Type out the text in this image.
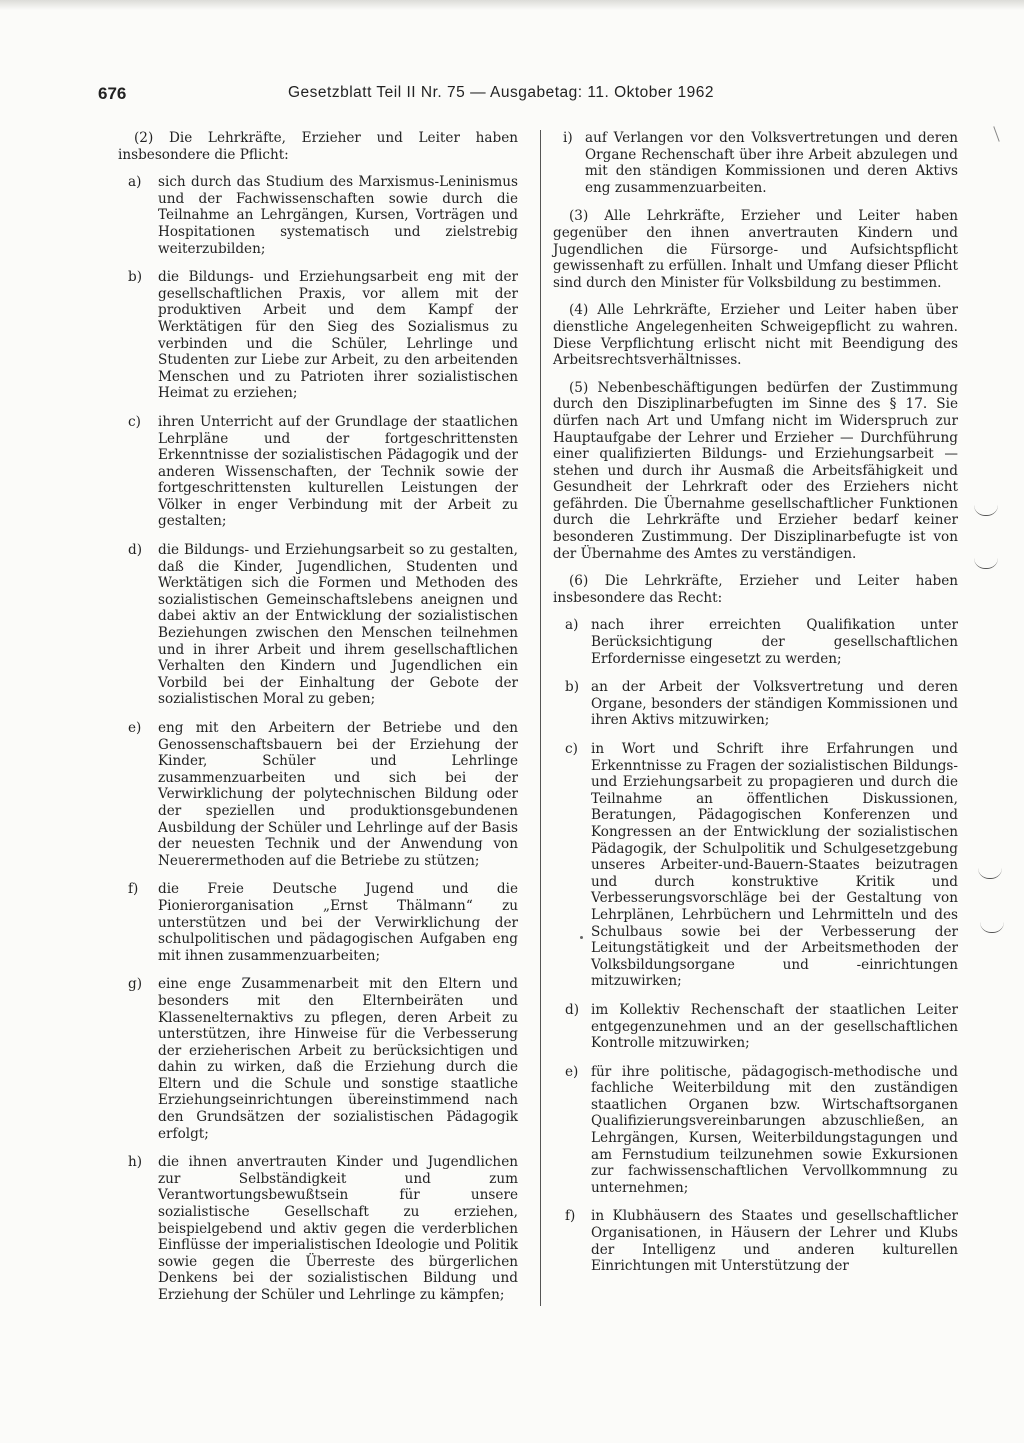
676	Gesetzblatt Teil II Nr. 75 — Ausgabetag: 11. Oktober 1962

(2) Die Lehrkräfte, Erzieher und Leiter haben insbesondere die Pflicht:

a) sich durch das Studium des Marxismus-Leninismus und der Fachwissenschaften sowie durch die Teilnahme an Lehrgängen, Kursen, Vorträgen und Hospitationen systematisch und zielstrebig weiterzubilden;
b) die Bildungs- und Erziehungsarbeit eng mit der gesellschaftlichen Praxis, vor allem mit der produktiven Arbeit und dem Kampf der Werktätigen für den Sieg des Sozialismus zu verbinden und die Schüler, Lehrlinge und Studenten zur Liebe zur Arbeit, zu den arbeitenden Menschen und zu Patrioten ihrer sozialistischen Heimat zu erziehen;
c) ihren Unterricht auf der Grundlage der staatlichen Lehrpläne und der fortgeschrittensten Erkenntnisse der sozialistischen Pädagogik und der anderen Wissenschaften, der Technik sowie der fortgeschrittensten kulturellen Leistungen der Völker in enger Verbindung mit der Arbeit zu gestalten;
d) die Bildungs- und Erziehungsarbeit so zu gestalten, daß die Kinder, Jugendlichen, Studenten und Werktätigen sich die Formen und Methoden des sozialistischen Gemeinschaftslebens aneignen und dabei aktiv an der Entwicklung der sozialistischen Beziehungen zwischen den Menschen teilnehmen und in ihrer Arbeit und ihrem gesellschaftlichen Verhalten den Kindern und Jugendlichen ein Vorbild bei der Einhaltung der Gebote der sozialistischen Moral zu geben;
e) eng mit den Arbeitern der Betriebe und den Genossenschaftsbauern bei der Erziehung der Kinder, Schüler und Lehrlinge zusammenzuarbeiten und sich bei der Verwirklichung der polytechnischen Bildung oder der speziellen und produktionsgebundenen Ausbildung der Schüler und Lehrlinge auf der Basis der neuesten Technik und der Anwendung von Neuerermethoden auf die Betriebe zu stützen;
f) die Freie Deutsche Jugend und die Pionierorganisation „Ernst Thälmann“ zu unterstützen und bei der Verwirklichung der schulpolitischen und pädagogischen Aufgaben eng mit ihnen zusammenzuarbeiten;
g) eine enge Zusammenarbeit mit den Eltern und besonders mit den Elternbeiräten und Klassenelternaktivs zu pflegen, deren Arbeit zu unterstützen, ihre Hinweise für die Verbesserung der erzieherischen Arbeit zu berücksichtigen und dahin zu wirken, daß die Erziehung durch die Eltern und die Schule und sonstige staatliche Erziehungseinrichtungen übereinstimmend nach den Grundsätzen der sozialistischen Pädagogik erfolgt;
h) die ihnen anvertrauten Kinder und Jugendlichen zur Selbständigkeit und zum Verantwortungsbewußtsein für unsere sozialistische Gesellschaft zu erziehen, beispielgebend und aktiv gegen die verderblichen Einflüsse der imperialistischen Ideologie und Politik sowie gegen die Überreste des bürgerlichen Denkens bei der sozialistischen Bildung und Erziehung der Schüler und Lehrlinge zu kämpfen;
i) auf Verlangen vor den Volksvertretungen und deren Organe Rechenschaft über ihre Arbeit abzulegen und mit den ständigen Kommissionen und deren Aktivs eng zusammenzuarbeiten.

(3) Alle Lehrkräfte, Erzieher und Leiter haben gegenüber den ihnen anvertrauten Kindern und Jugendlichen die Fürsorge- und Aufsichtspflicht gewissenhaft zu erfüllen. Inhalt und Umfang dieser Pflicht sind durch den Minister für Volksbildung zu bestimmen.

(4) Alle Lehrkräfte, Erzieher und Leiter haben über dienstliche Angelegenheiten Schweigepflicht zu wahren. Diese Verpflichtung erlischt nicht mit Beendigung des Arbeitsrechtsverhältnisses.

(5) Nebenbeschäftigungen bedürfen der Zustimmung durch den Disziplinarbefugten im Sinne des § 17. Sie dürfen nach Art und Umfang nicht im Widerspruch zur Hauptaufgabe der Lehrer und Erzieher — Durchführung einer qualifizierten Bildungs- und Erziehungsarbeit — stehen und durch ihr Ausmaß die Arbeitsfähigkeit und Gesundheit der Lehrkraft oder des Erziehers nicht gefährden. Die Übernahme gesellschaftlicher Funktionen durch die Lehrkräfte und Erzieher bedarf keiner besonderen Zustimmung. Der Disziplinarbefugte ist von der Übernahme des Amtes zu verständigen.

(6) Die Lehrkräfte, Erzieher und Leiter haben insbesondere das Recht:

a) nach ihrer erreichten Qualifikation unter Berücksichtigung der gesellschaftlichen Erfordernisse eingesetzt zu werden;
b) an der Arbeit der Volksvertretung und deren Organe, besonders der ständigen Kommissionen und ihren Aktivs mitzuwirken;
c) in Wort und Schrift ihre Erfahrungen und Erkenntnisse zu Fragen der sozialistischen Bildungs- und Erziehungsarbeit zu propagieren und durch die Teilnahme an öffentlichen Diskussionen, Beratungen, Pädagogischen Konferenzen und Kongressen an der Entwicklung der sozialistischen Pädagogik, der Schulpolitik und Schulgesetzgebung unseres Arbeiter-und-Bauern-Staates beizutragen und durch konstruktive Kritik und Verbesserungsvorschläge bei der Gestaltung von Lehrplänen, Lehrbüchern und Lehrmitteln und des Schulbaus sowie bei der Verbesserung der Leitungstätigkeit und der Arbeitsmethoden der Volksbildungsorgane und -einrichtungen mitzuwirken;
d) im Kollektiv Rechenschaft der staatlichen Leiter entgegenzunehmen und an der gesellschaftlichen Kontrolle mitzuwirken;
e) für ihre politische, pädagogisch-methodische und fachliche Weiterbildung mit den zuständigen staatlichen Organen bzw. Wirtschaftsorganen Qualifizierungsvereinbarungen abzuschließen, an Lehrgängen, Kursen, Weiterbildungstagungen und am Fernstudium teilzunehmen sowie Exkursionen zur fachwissenschaftlichen Vervollkommnung zu unternehmen;
f) in Klubhäusern des Staates und gesellschaftlicher Organisationen, in Häusern der Lehrer und Klubs der Intelligenz und anderen kulturellen Einrichtungen mit Unterstützung der
